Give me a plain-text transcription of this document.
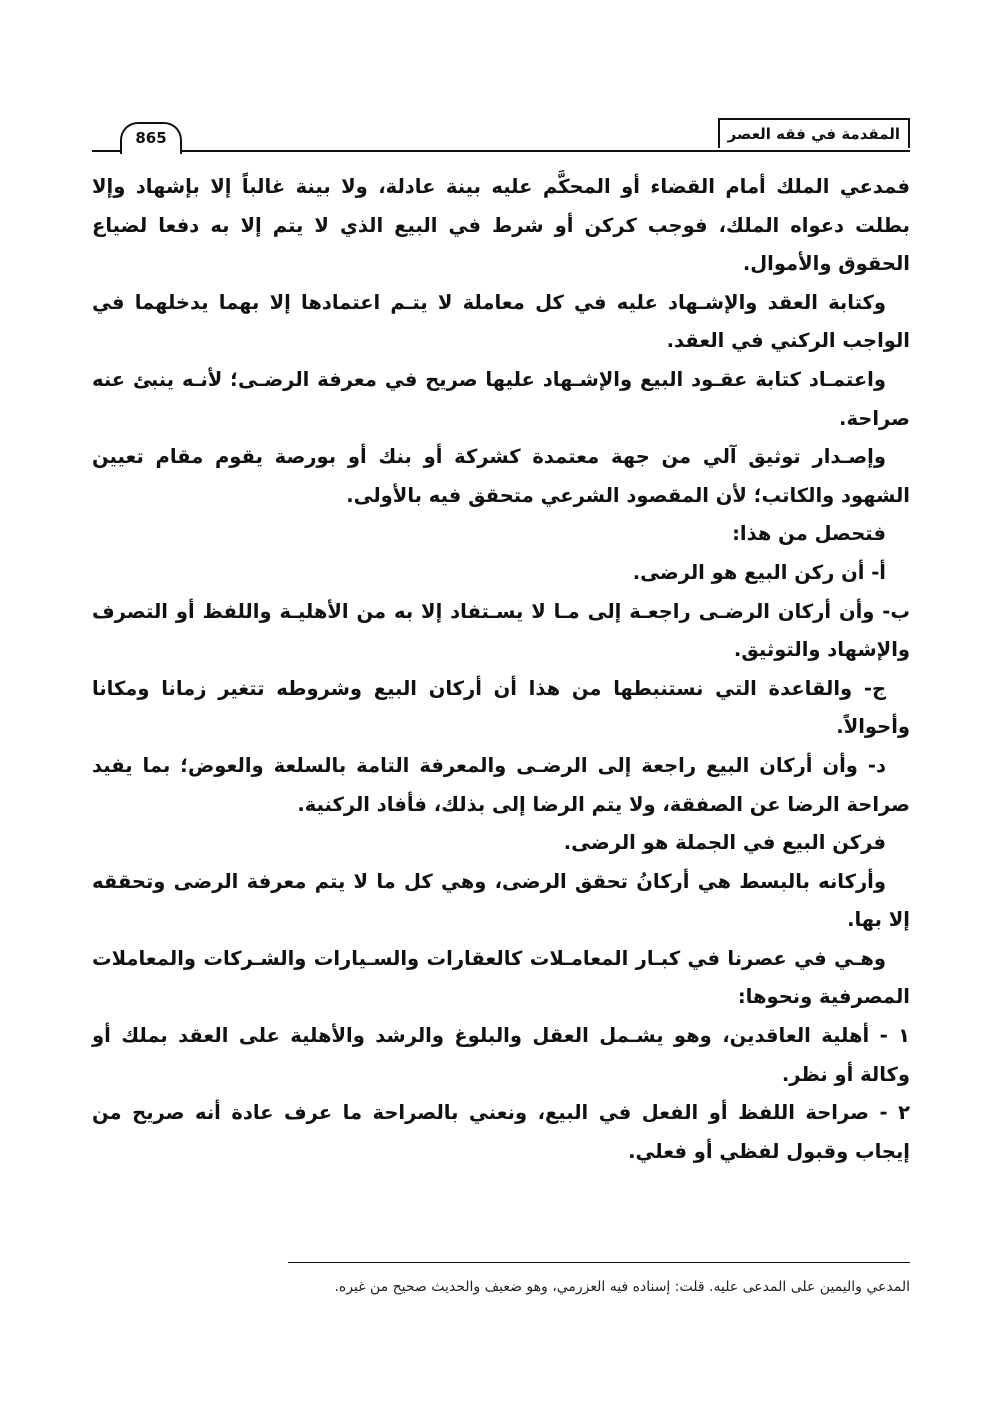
المقدمة في فقه العصر
865

فمدعي الملك أمام القضاء أو المحكَّم عليه بينة عادلة، ولا بينة غالباً إلا بإشهاد وإلا بطلت دعواه الملك، فوجب كركن أو شرط في البيع الذي لا يتم إلا به دفعا لضياع الحقوق والأموال.

وكتابة العقد والإشـهاد عليه في كل معاملة لا يتـم اعتمادها إلا بهما يدخلهما في الواجب الركني في العقد.

واعتمـاد كتابة عقـود البيع والإشـهاد عليها صريح في معرفة الرضـى؛ لأنـه ينبئ عنه صراحة.

وإصـدار توثيق آلي من جهة معتمدة كشركة أو بنك أو بورصة يقوم مقام تعيين الشهود والكاتب؛ لأن المقصود الشرعي متحقق فيه بالأولى.

فتحصل من هذا:

أ- أن ركن البيع هو الرضى.

ب- وأن أركان الرضـى راجعـة إلى مـا لا يسـتفاد إلا به من الأهليـة واللفظ أو التصرف والإشهاد والتوثيق.

ج- والقاعدة التي نستنبطها من هذا أن أركان البيع وشروطه تتغير زمانا ومكانا وأحوالاً.

د- وأن أركان البيع راجعة إلى الرضـى والمعرفة التامة بالسلعة والعوض؛ بما يفيد صراحة الرضا عن الصفقة، ولا يتم الرضا إلى بذلك، فأفاد الركنية.

فركن البيع في الجملة هو الرضى.

وأركانه بالبسط هي أركانُ تحقق الرضى، وهي كل ما لا يتم معرفة الرضى وتحققه إلا بها.

وهـي في عصرنا في كبـار المعامـلات كالعقارات والسـيارات والشـركات والمعاملات المصرفية ونحوها:

١ - أهلية العاقدين، وهو يشـمل العقل والبلوغ والرشد والأهلية على العقد بملك أو وكالة أو نظر.

٢ - صراحة اللفظ أو الفعل في البيع، ونعني بالصراحة ما عرف عادة أنه صريح من إيجاب وقبول لفظي أو فعلي.

المدعي واليمين على المدعى عليه. قلت: إسناده فيه العزرمي، وهو ضعيف والحديث صحيح من غيره.
